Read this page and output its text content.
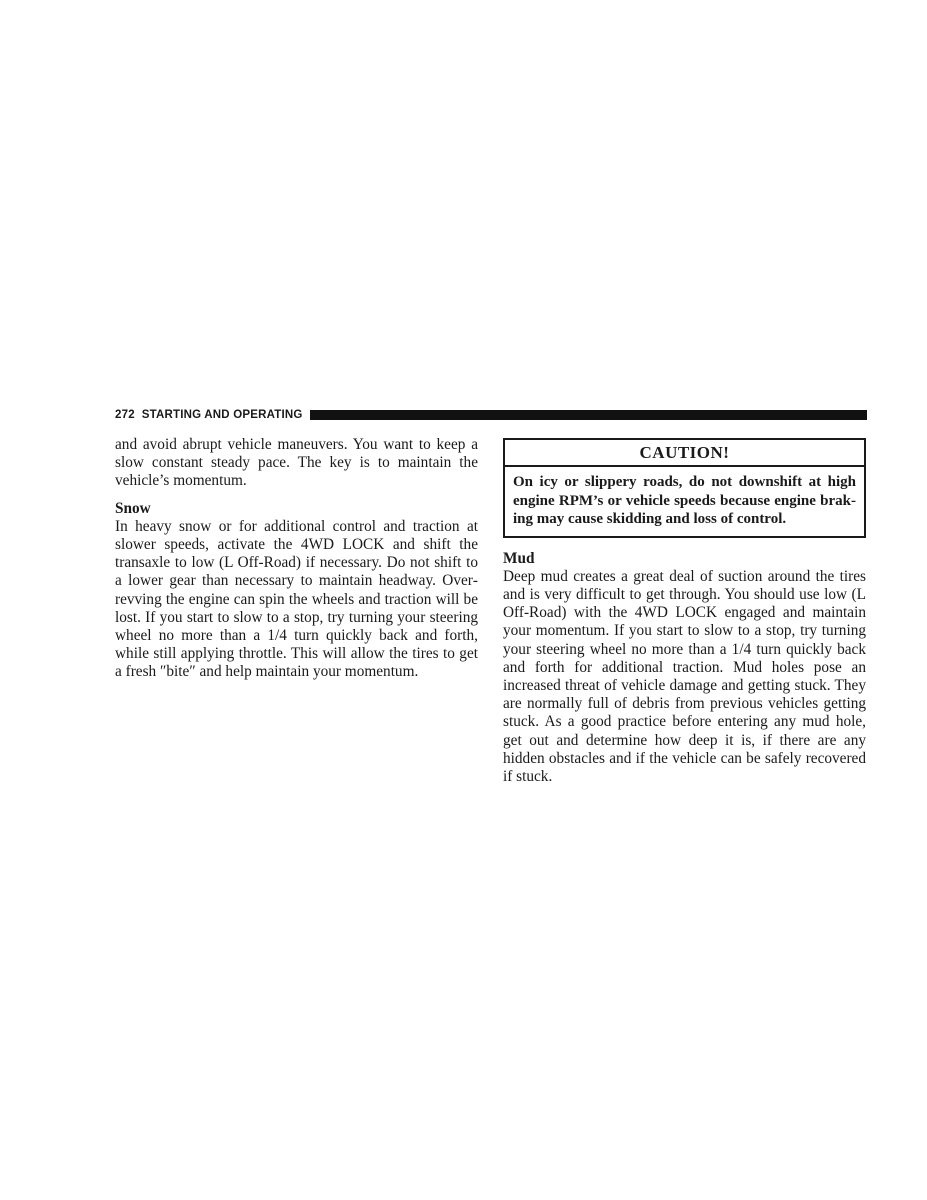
272 STARTING AND OPERATING

and avoid abrupt vehicle maneuvers. You want to keep a slow constant steady pace. The key is to maintain the vehicle’s momentum.

Snow

In heavy snow or for additional control and traction at slower speeds, activate the 4WD LOCK and shift the transaxle to low (L Off-Road) if necessary. Do not shift to a lower gear than necessary to maintain headway. Overrevving the engine can spin the wheels and traction will be lost. If you start to slow to a stop, try turning your steering wheel no more than a 1/4 turn quickly back and forth, while still applying throttle. This will allow the tires to get a fresh ″bite″ and help maintain your momentum.

CAUTION!
On icy or slippery roads, do not downshift at high engine RPM’s or vehicle speeds because engine braking may cause skidding and loss of control.
Mud

Deep mud creates a great deal of suction around the tires and is very difficult to get through. You should use low (L Off-Road) with the 4WD LOCK engaged and maintain your momentum. If you start to slow to a stop, try turning your steering wheel no more than a 1/4 turn quickly back and forth for additional traction. Mud holes pose an increased threat of vehicle damage and getting stuck. They are normally full of debris from previous vehicles getting stuck. As a good practice before entering any mud hole, get out and determine how deep it is, if there are any hidden obstacles and if the vehicle can be safely recovered if stuck.
